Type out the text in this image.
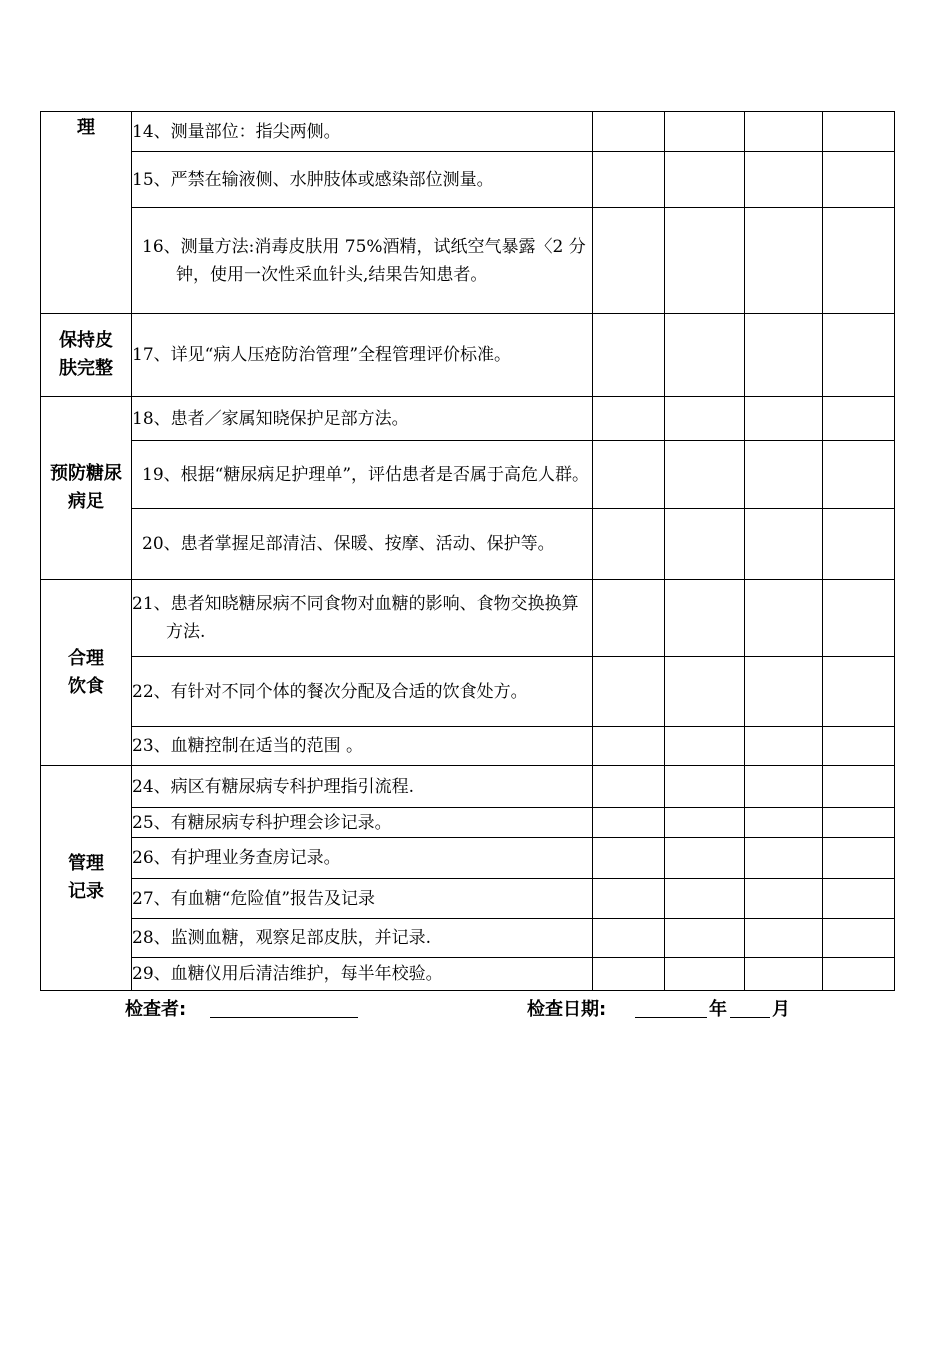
理	14、测量部位：指尖两侧。				

	15、严禁在输液侧、水肿肢体或感染部位测量。				

	16、测量方法:消毒皮肤用 75%酒精，试纸空气暴露〈2 分钟，使用一次性采血针头,结果告知患者。				

保持皮肤完整	17、详见“病人压疮防治管理”全程管理评价标准。				

预防糖尿病足	18、患者／家属知晓保护足部方法。				

	19、根据“糖尿病足护理单”，评估患者是否属于高危人群。				

	20、患者掌握足部清洁、保暖、按摩、活动、保护等。				

合理饮食	21、患者知晓糖尿病不同食物对血糖的影响、食物交换换算方法.				

	22、有针对不同个体的餐次分配及合适的饮食处方。				

	23、血糖控制在适当的范围 。				

管理记录	24、病区有糖尿病专科护理指引流程.				

	25、有糖尿病专科护理会诊记录。				

	26、有护理业务查房记录。				

	27、有血糖“危险值”报告及记录				

	28、监测血糖，观察足部皮肤，并记录.				

	29、血糖仪用后清洁维护，每半年校验。				

检查者:	检查日期:	年	月
